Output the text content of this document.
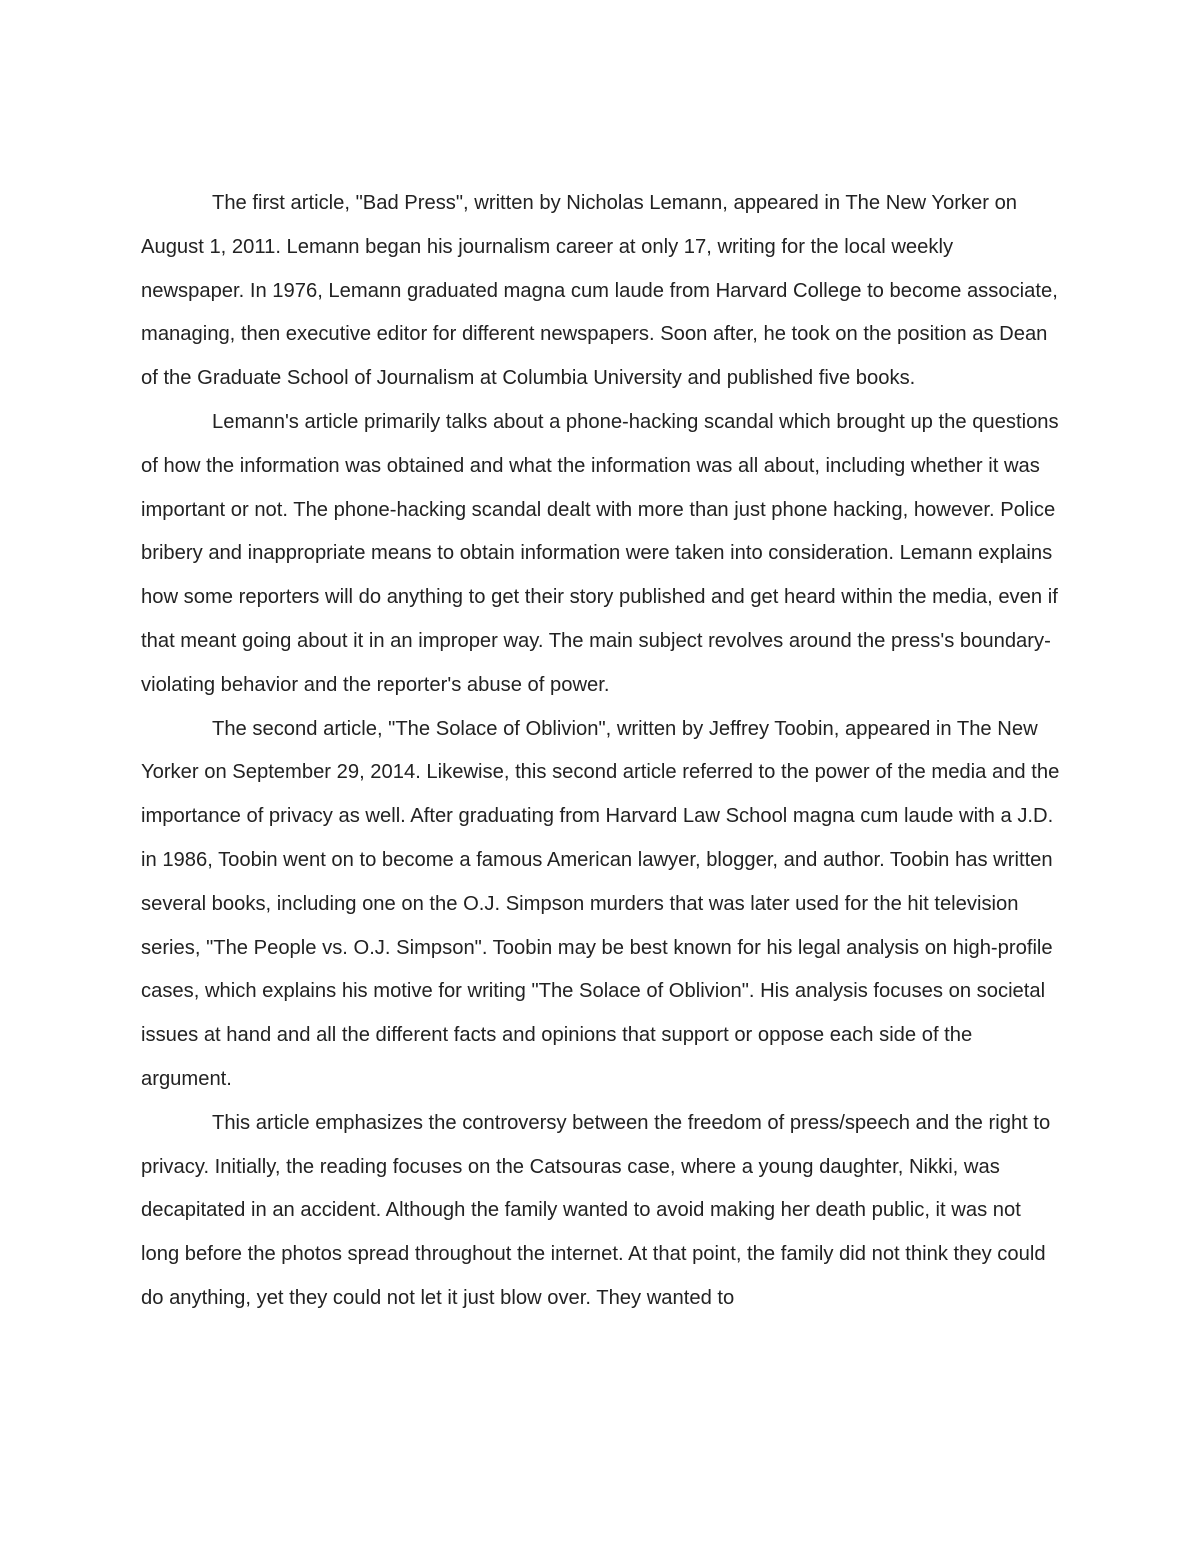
The first article, "Bad Press", written by Nicholas Lemann, appeared in The New Yorker on August 1, 2011. Lemann began his journalism career at only 17, writing for the local weekly newspaper. In 1976, Lemann graduated magna cum laude from Harvard College to become associate, managing, then executive editor for different newspapers. Soon after, he took on the position as Dean of the Graduate School of Journalism at Columbia University and published five books.

Lemann's article primarily talks about a phone-hacking scandal which brought up the questions of how the information was obtained and what the information was all about, including whether it was important or not. The phone-hacking scandal dealt with more than just phone hacking, however. Police bribery and inappropriate means to obtain information were taken into consideration. Lemann explains how some reporters will do anything to get their story published and get heard within the media, even if that meant going about it in an improper way. The main subject revolves around the press's boundary-violating behavior and the reporter's abuse of power.

The second article, "The Solace of Oblivion", written by Jeffrey Toobin, appeared in The New Yorker on September 29, 2014. Likewise, this second article referred to the power of the media and the importance of privacy as well. After graduating from Harvard Law School magna cum laude with a J.D. in 1986, Toobin went on to become a famous American lawyer, blogger, and author. Toobin has written several books, including one on the O.J. Simpson murders that was later used for the hit television series, "The People vs. O.J. Simpson". Toobin may be best known for his legal analysis on high-profile cases, which explains his motive for writing "The Solace of Oblivion". His analysis focuses on societal issues at hand and all the different facts and opinions that support or oppose each side of the argument.

This article emphasizes the controversy between the freedom of press/speech and the right to privacy. Initially, the reading focuses on the Catsouras case, where a young daughter, Nikki, was decapitated in an accident. Although the family wanted to avoid making her death public, it was not long before the photos spread throughout the internet. At that point, the family did not think they could do anything, yet they could not let it just blow over. They wanted to
